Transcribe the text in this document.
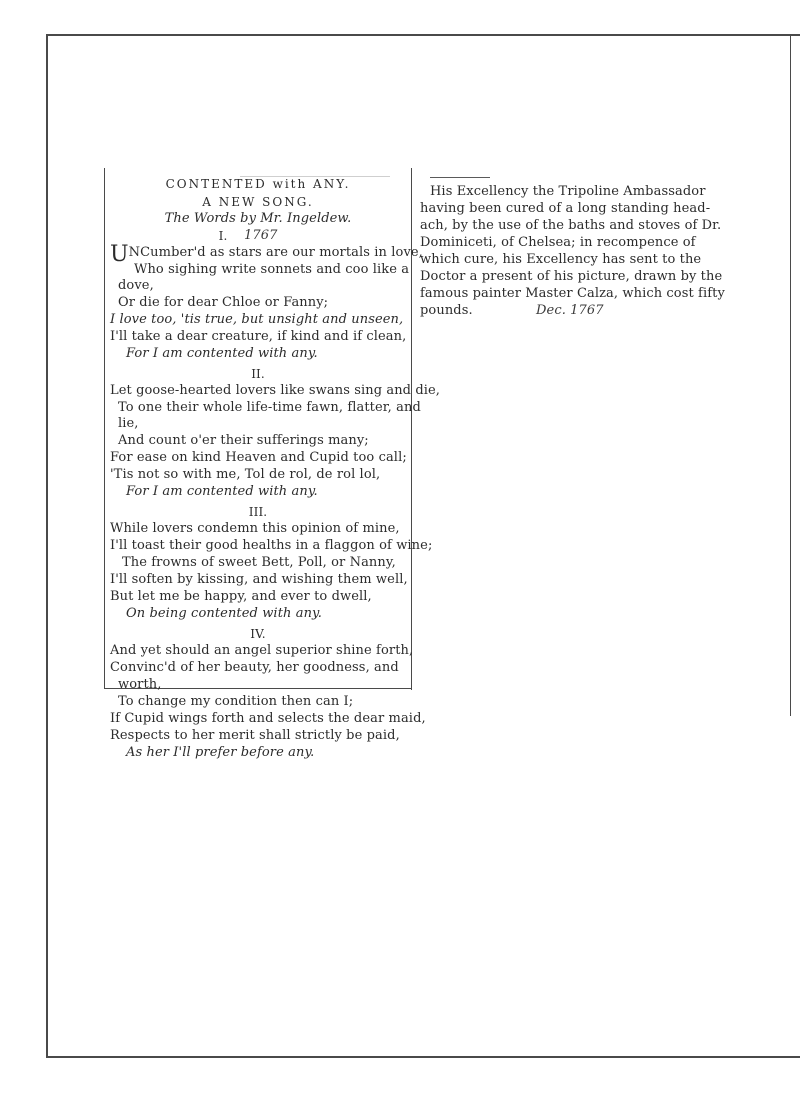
CONTENTED with ANY.
A NEW SONG.
The Words by Mr. Ingeldew.
I.	1767
UNCumber'd as stars are our mortals in love,
Who sighing write sonnets and coo like a
dove,
Or die for dear Chloe or Fanny;
I love too, 'tis true, but unsight and unseen,
I'll take a dear creature, if kind and if clean,
For I am contented with any.
II.
Let goose-hearted lovers like swans sing and die,
To one their whole life-time fawn, flatter, and
lie,
And count o'er their sufferings many;
For ease on kind Heaven and Cupid too call;
'Tis not so with me, Tol de rol, de rol lol,
For I am contented with any.
III.
While lovers condemn this opinion of mine,
I'll toast their good healths in a flaggon of wine;
The frowns of sweet Bett, Poll, or Nanny,
I'll soften by kissing, and wishing them well,
But let me be happy, and ever to dwell,
On being contented with any.
IV.
And yet should an angel superior shine forth,
Convinc'd of her beauty, her goodness, and
worth,
To change my condition then can I;
If Cupid wings forth and selects the dear maid,
Respects to her merit shall strictly be paid,
As her I'll prefer before any.
His Excellency the Tripoline Ambassador
having been cured of a long standing head-
ach, by the use of the baths and stoves of Dr.
Dominiceti, of Chelsea; in recompence of
which cure, his Excellency has sent to the
Doctor a present of his picture, drawn by the
famous painter Master Calza, which cost fifty
pounds.	Dec. 1767
